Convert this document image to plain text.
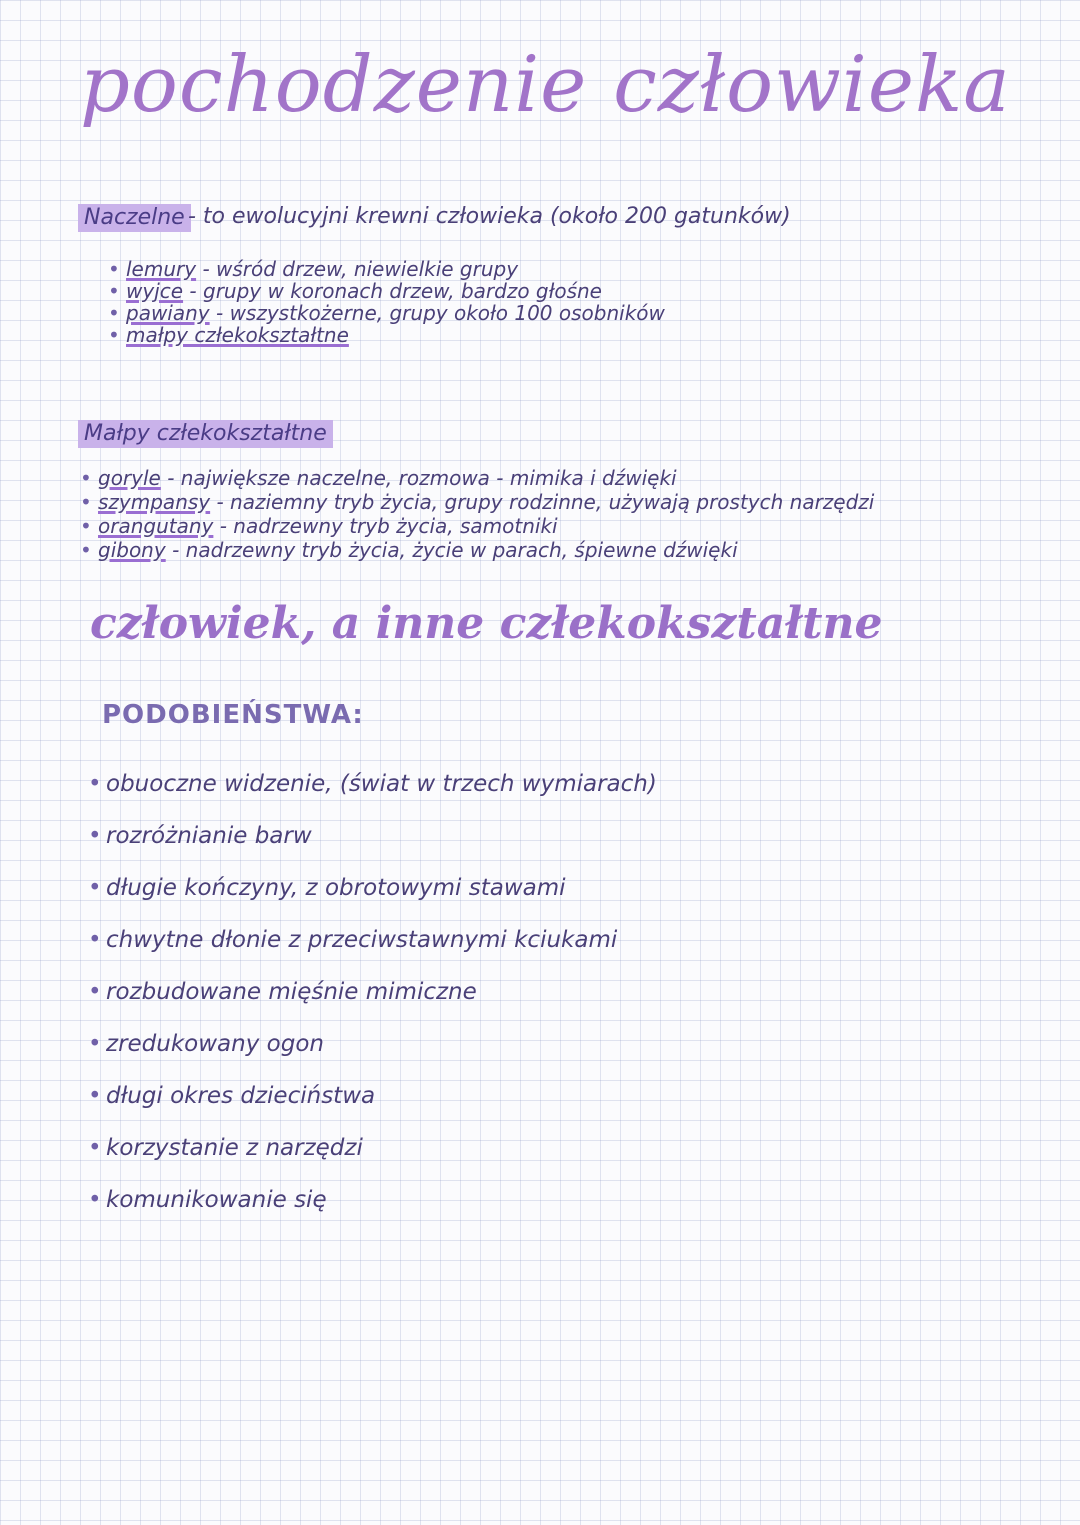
pochodzenie człowieka
Naczelne - to ewolucyjni krewni człowieka (około 200 gatunków)
• lemury - wśród drzew, niewielkie grupy
• wyjce - grupy w koronach drzew, bardzo głośne
• pawiany - wszystkożerne, grupy około 100 osobników
• małpy człekokształtne
Małpy człekokształtne
• goryle - największe naczelne, rozmowa - mimika i dźwięki
• szympansy - naziemny tryb życia, grupy rodzinne, używają prostych narzędzi
• orangutany - nadrzewny tryb życia, samotniki
• gibony - nadrzewny tryb życia, życie w parach, śpiewne dźwięki
człowiek, a inne człekokształtne
PODOBIEŃSTWA:
• obuoczne widzenie, (świat w trzech wymiarach)
• rozróżnianie barw
• długie kończyny, z obrotowymi stawami
• chwytne dłonie z przeciwstawnymi kciukami
• rozbudowane mięśnie mimiczne
• zredukowany ogon
• długi okres dzieciństwa
• korzystanie z narzędzi
• komunikowanie się
